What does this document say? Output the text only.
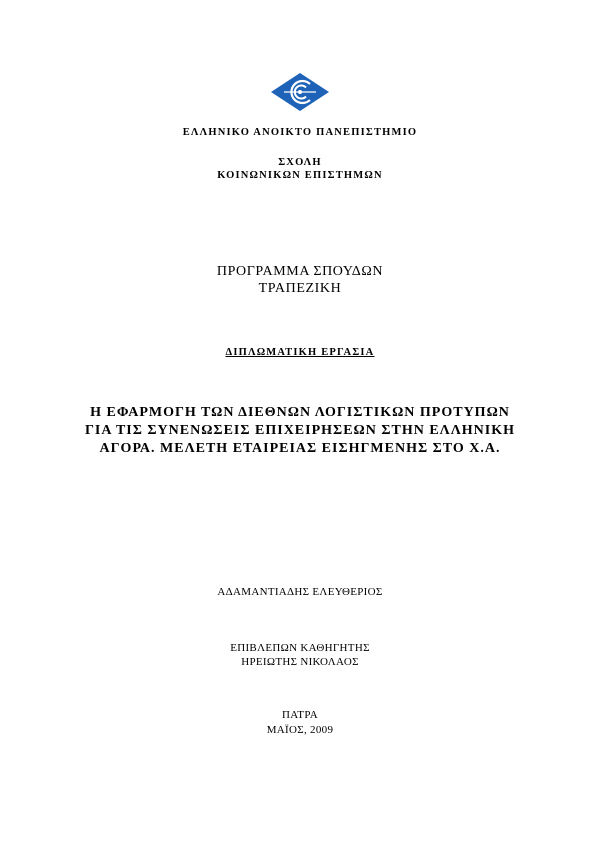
ΕΛΛΗΝΙΚΟ ΑΝΟΙΚΤΟ ΠΑΝΕΠΙΣΤΗΜΙΟ
ΣΧΟΛΗ
ΚΟΙΝΩΝΙΚΩΝ ΕΠΙΣΤΗΜΩΝ
ΠΡΟΓΡΑΜΜΑ ΣΠΟΥΔΩΝ
ΤΡΑΠΕΖΙΚΗ
ΔΙΠΛΩΜΑΤΙΚΗ ΕΡΓΑΣΙΑ
Η ΕΦΑΡΜΟΓΗ ΤΩΝ ΔΙΕΘΝΩΝ ΛΟΓΙΣΤΙΚΩΝ ΠΡΟΤΥΠΩΝ
ΓΙΑ ΤΙΣ ΣΥΝΕΝΩΣΕΙΣ ΕΠΙΧΕΙΡΗΣΕΩΝ ΣΤΗΝ ΕΛΛΗΝΙΚΗ
ΑΓΟΡΑ. ΜΕΛΕΤΗ ΕΤΑΙΡΕΙΑΣ ΕΙΣΗΓΜΕΝΗΣ ΣΤΟ Χ.Α.
ΑΔΑΜΑΝΤΙΑΔΗΣ ΕΛΕΥΘΕΡΙΟΣ
ΕΠΙΒΛΕΠΩΝ ΚΑΘΗΓΗΤΗΣ
ΗΡΕΙΩΤΗΣ ΝΙΚΟΛΑΟΣ
ΠΑΤΡΑ
ΜΑΪΟΣ, 2009
